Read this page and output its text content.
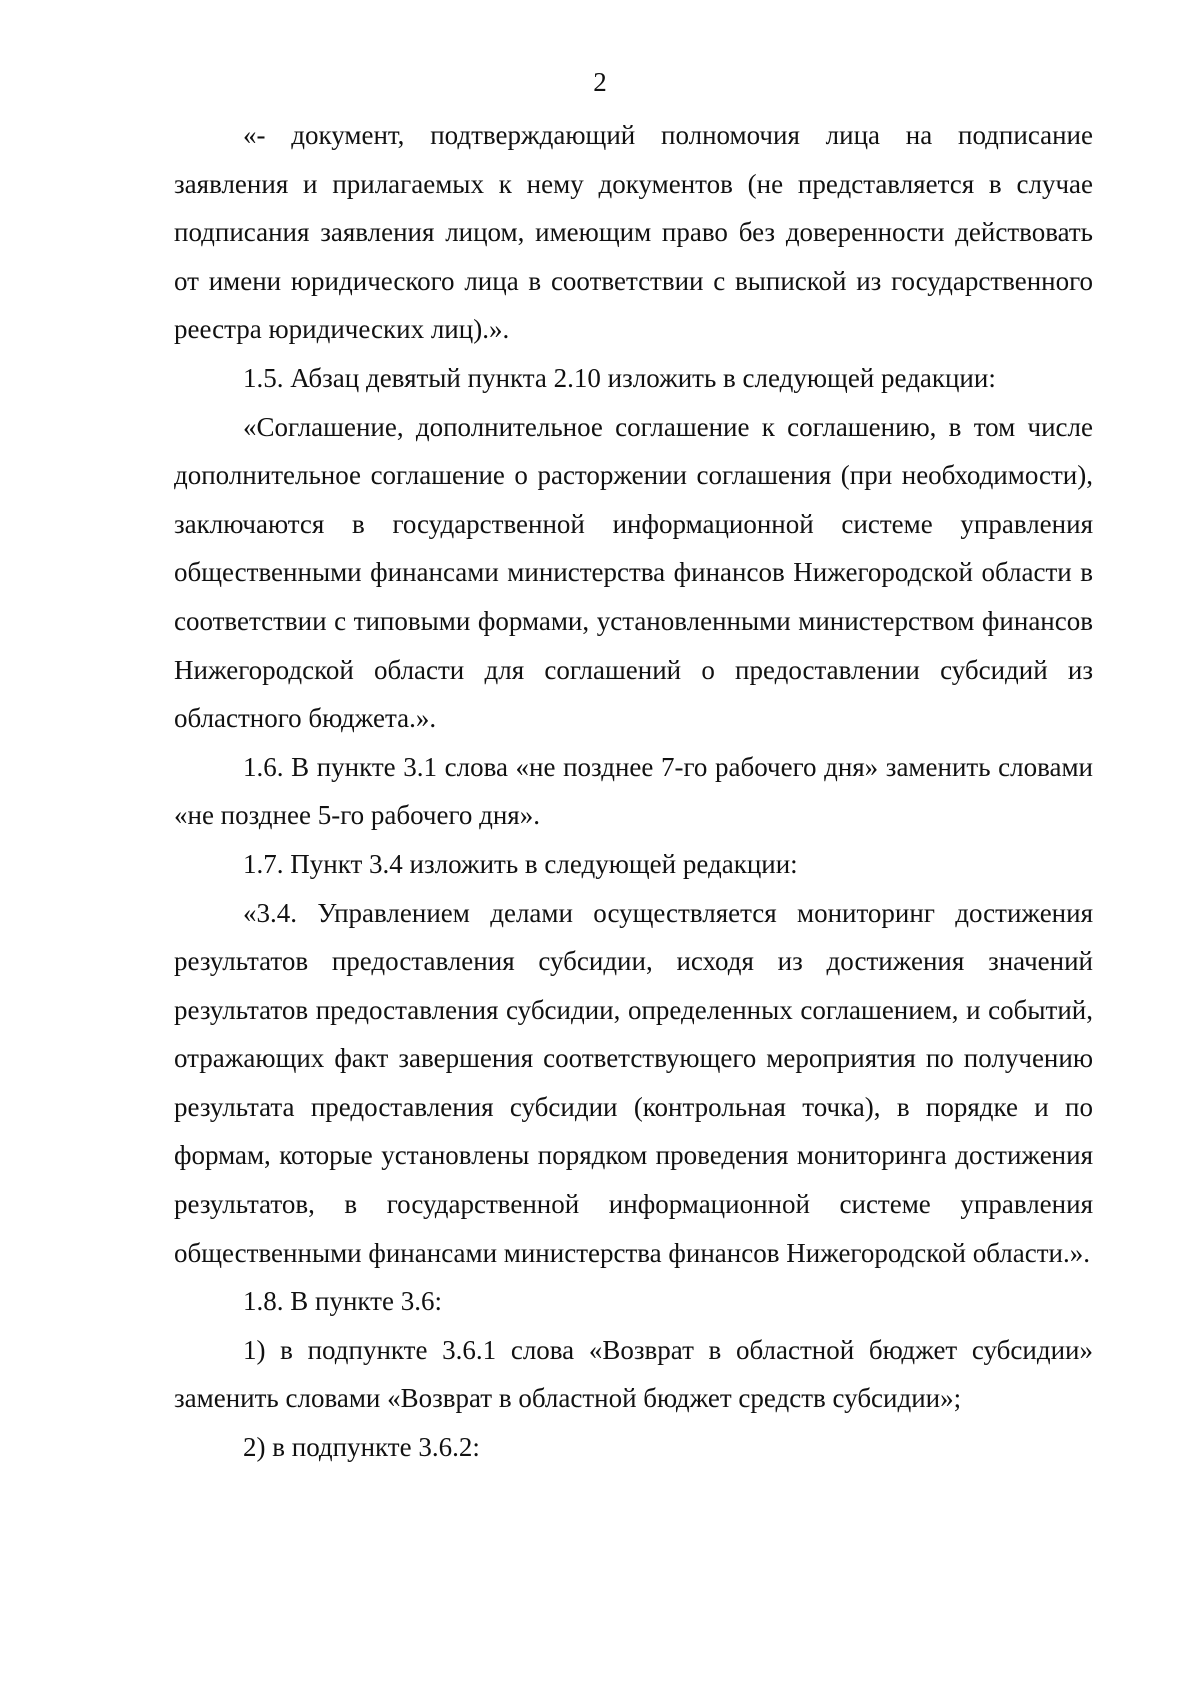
2

«- документ, подтверждающий полномочия лица на подписание заявления и прилагаемых к нему документов (не представляется в случае подписания заявления лицом, имеющим право без доверенности действовать от имени юридического лица в соответствии с выпиской из государственного реестра юридических лиц).».

1.5. Абзац девятый пункта 2.10 изложить в следующей редакции:

«Соглашение, дополнительное соглашение к соглашению, в том числе дополнительное соглашение о расторжении соглашения (при необходимости), заключаются в государственной информационной системе управления общественными финансами министерства финансов Нижегородской области в соответствии с типовыми формами, установленными министерством финансов Нижегородской области для соглашений о предоставлении субсидий из областного бюджета.».

1.6. В пункте 3.1 слова «не позднее 7-го рабочего дня» заменить словами «не позднее 5-го рабочего дня».

1.7. Пункт 3.4 изложить в следующей редакции:

«3.4. Управлением делами осуществляется мониторинг достижения результатов предоставления субсидии, исходя из достижения значений результатов предоставления субсидии, определенных соглашением, и событий, отражающих факт завершения соответствующего мероприятия по получению результата предоставления субсидии (контрольная точка), в порядке и по формам, которые установлены порядком проведения мониторинга достижения результатов, в государственной информационной системе управления общественными финансами министерства финансов Нижегородской области.».

1.8. В пункте 3.6:

1) в подпункте 3.6.1 слова «Возврат в областной бюджет субсидии» заменить словами «Возврат в областной бюджет средств субсидии»;

2) в подпункте 3.6.2:
